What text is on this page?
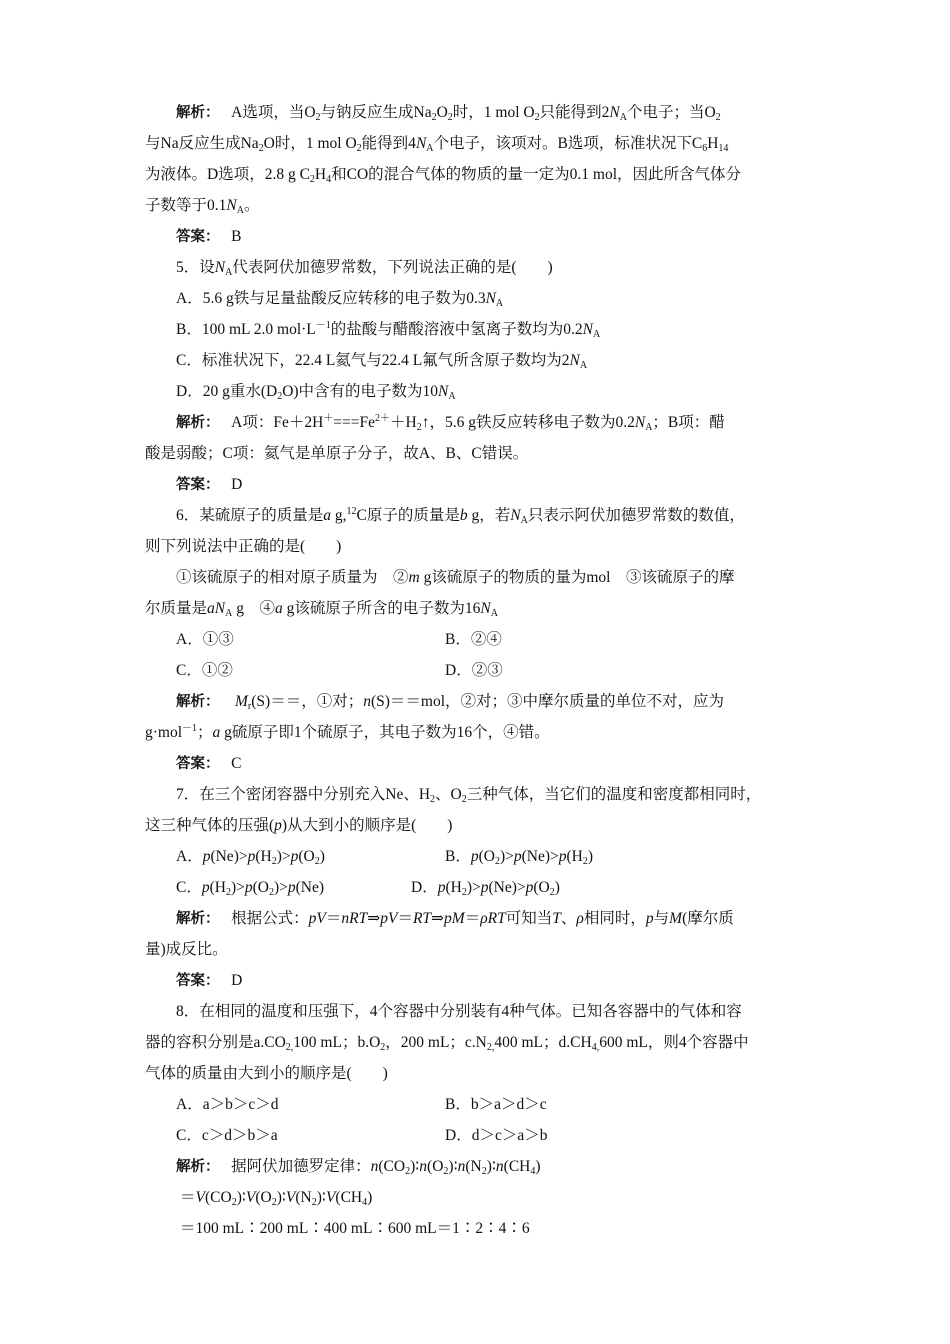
解析： A选项，当$O_2$与钠反应生成$Na_2O_2$时，1 mol $O_2$只能得到$2N_A$个电子；当$O_2$
与Na反应生成$Na_2O$时，1 mol $O_2$能得到$4N_A$个电子，该项对。B选项，标准状况下$C_6H_{14}$
为液体。D选项，2.8 g $C_2H_4$和CO的混合气体的物质的量一定为0.1 mol，因此所含气体分
子数等于$0.1N_A$。
答案： B
5．设$N_A$代表阿伏加德罗常数，下列说法正确的是(　　)
A．5.6 g铁与足量盐酸反应转移的电子数为$0.3N_A$
B．100 mL 2.0 $mol\cdot L^{-1}$的盐酸与醋酸溶液中氢离子数均为$0.2N_A$
C．标准状况下，22.4 L氦气与22.4 L氟气所含原子数均为$2N_A$
D．20 g重水$(D_2O)$中含有的电子数为$10N_A$
解析： A项：$Fe+2H^+===Fe^{2+}+H_2↑$，5.6 g铁反应转移电子数为$0.2N_A$；B项：醋
酸是弱酸；C项：氦气是单原子分子，故A、B、C错误。
答案： D
6．某硫原子的质量是a g,$^{12}$C原子的质量是b g，若$N_A$只表示阿伏加德罗常数的数值，
则下列说法中正确的是(　　)
①该硫原子的相对原子质量为　②m g该硫原子的物质的量为mol　③该硫原子的摩
尔质量是$aN_A$ g　④a g该硫原子所含的电子数为$16N_A$
A．①③	B．②④
C．①②	D．②③
解析： $M_r(S)==$，①对；n(S)＝＝mol，②对；③中摩尔质量的单位不对，应为
g·mol$^{-1}$；a g硫原子即1个硫原子，其电子数为16个，④错。
答案： C
7．在三个密闭容器中分别充入Ne、$H_2$、$O_2$三种气体，当它们的温度和密度都相同时，
这三种气体的压强(p)从大到小的顺序是(　　)
A．$p(Ne)>p(H_2)>p(O_2)$	B．$p(O_2)>p(Ne)>p(H_2)$
C．$p(H_2)>p(O_2)>p(Ne)$	D．$p(H_2)>p(Ne)>p(O_2)$
解析： 根据公式：pV＝nRT⇒pV＝RT⇒pM＝ρRT可知当T、ρ相同时，p与M(摩尔质
量)成反比。
答案： D
8．在相同的温度和压强下，4个容器中分别装有4种气体。已知各容器中的气体和容
器的容积分别是$a.CO_{2,}100$ mL；$b.O_2$，200 mL；$c.N_{2,}400$ mL；$d.CH_{4,}600$ mL，则4个容器中
气体的质量由大到小的顺序是(　　)
A．a＞b＞c＞d	B．b＞a＞d＞c
C．c＞d＞b＞a	D．d＞c＞a＞b
解析： 据阿伏加德罗定律：$n(CO_2)∶n(O_2)∶n(N_2)∶n(CH_4)$
$=V(CO_2)∶V(O_2)∶V(N_2)∶V(CH_4)$
＝100 mL∶200 mL∶400 mL∶600 mL＝1∶2∶4∶6
